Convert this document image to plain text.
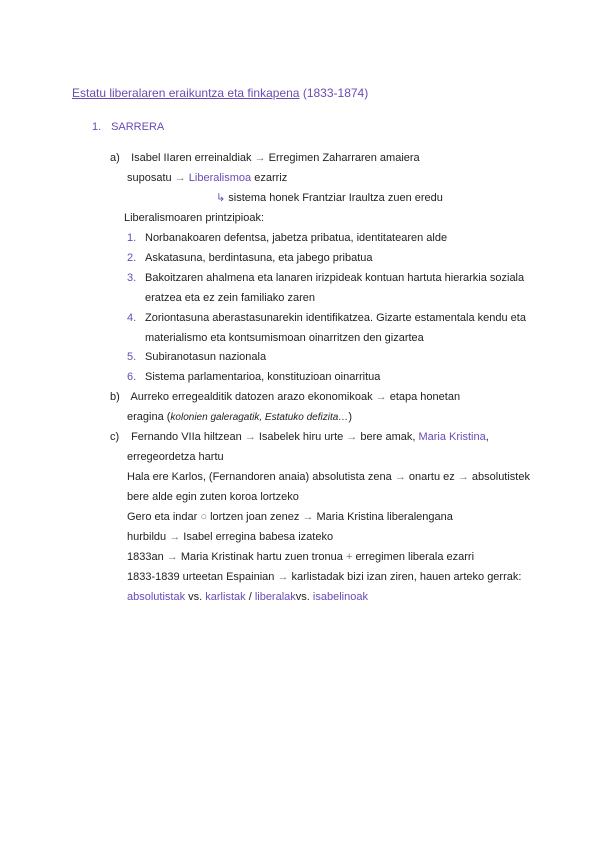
Estatu liberalaren eraikuntza eta finkapena (1833-1874)
1. SARRERA
a) Isabel IIaren erreinaldiak → Erregimen Zaharraren amaiera
suposatu → Liberalismoa ezarriz
↳ sistema honek Frantziar Iraultza zuen eredu
Liberalismoaren printzipioak:
1. Norbanakoaren defentsa, jabetza pribatua, identitatearen alde
2. Askatasuna, berdintasuna, eta jabego pribatua
3. Bakoitzaren ahalmena eta lanaren irizpideak kontuan hartuta hierarkia soziala
eratzea eta ez zein familiako zaren
4. Zoriontasuna aberastasunarekin identifikatzea. Gizarte estamentala kendu eta
materialismo eta kontsumismoan oinarritzen den gizartea
5. Subiranotasun nazionala
6. Sistema parlamentarioa, konstituzioan oinarritua
b) Aurreko erregealditik datozen arazo ekonomikoak → etapa honetan
eragina (kolonien galeragatik, Estatuko defizita…)
c) Fernando VIIa hiltzean → Isabelek hiru urte → bere amak, Maria Kristina,
erregeordetza hartu
Hala ere Karlos, (Fernandoren anaia) absolutista zena → onartu ez → absolutistek
bere alde egin zuten koroa lortzeko
Gero eta indar ○ lortzen joan zenez → Maria Kristina liberalengana
hurbildu → Isabel erregina babesa izateko
1833an → Maria Kristinak hartu zuen tronua + erregimen liberala ezarri
1833-1839 urteetan Espainian → karlistadak bizi izan ziren, hauen arteko gerrak:
absolutistak vs. karlistak / liberalakvs. isabelinoak
